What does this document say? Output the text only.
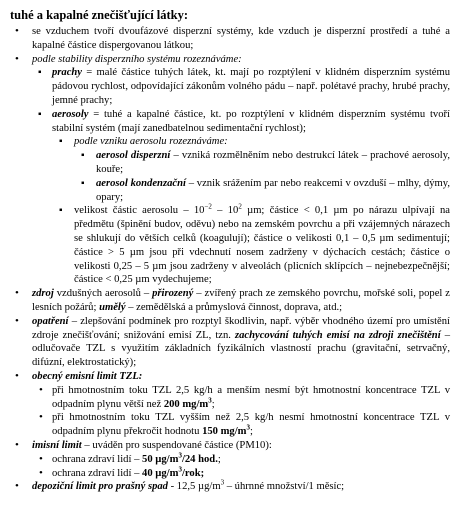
tuhé a kapalné znečišťující látky:
• se vzduchem tvoří dvoufázové disperzní systémy, kde vzduch je disperzní prostředí a tuhé a kapalné částice dispergovanou látkou;
• podle stability disperzního systému rozeznáváme:
▪ prachy = malé částice tuhých látek, kt. mají po rozptýlení v klidném disperzním systému pádovou rychlost, odpovídající zákonům volného pádu – např. polétavé prachy, hrubé prachy, jemné prachy;
▪ aerosoly = tuhé a kapalné částice, kt. po rozptýlení v klidném disperzním systému tvoří stabilní systém (mají zanedbatelnou sedimentační rychlost);
▪ podle vzniku aerosolu rozeznáváme:
▪ aerosol disperzní – vzniká rozmělněním nebo destrukcí látek – prachové aerosoly, kouře;
▪ aerosol kondenzační – vznik srážením par nebo reakcemi v ovzduší – mlhy, dýmy, opary;
▪ velikost částic aerosolu – $10^{-2} - 10^2$ µm; částice < 0,1 µm po nárazu ulpívají na předmětu (špinění budov, oděvu) nebo na zemském povrchu a při vzájemných nárazech se shlukují do větších celků (koagulují); částice o velikosti 0,1 – 0,5 µm sedimentují; částice > 5 µm jsou při vdechnutí nosem zadrženy v dýchacích cestách; částice o velikosti 0,25 – 5 µm jsou zadrženy v alveolách (plicních sklípcích – nejnebezpečnější; částice < 0,25 µm vydechujeme;
• zdroj vzdušných aerosolů – přirozený – zvířený prach ze zemského povrchu, mořské soli, popel z lesních požárů; umělý – zemědělská a průmyslová činnost, doprava, atd.;
• opatření – zlepšování podmínek pro rozptyl škodlivin, např. výběr vhodného území pro umístění zdroje znečišťování; snižování emisí ZL, tzn. zachycování tuhých emisí na zdroji znečištění – odlučovače TZL s využitím základních fyzikálních vlastností prachu (gravitační, setrvačný, difúzní, elektrostatický);
• obecný emisní limit TZL:
• při hmotnostním toku TZL 2,5 kg/h a menším nesmí být hmotnostní koncentrace TZL v odpadním plynu větší než 200 $mg/m^3$;
• při hmotnostním toku TZL vyšším než 2,5 kg/h nesmí hmotnostní koncentrace TZL v odpadním plynu překročit hodnotu 150 $mg/m^3$;
• imisní limit – uváděn pro suspendované částice (PM10):
• ochrana zdraví lidí – 50 $\mu g/m^3/24$ hod.;
• ochrana zdraví lidí – 40 $\mu g/m^3$/rok;
• depoziční limit pro prašný spad - 12,5 $\mu g/m^3$ – úhrnné množství/1 měsíc;
